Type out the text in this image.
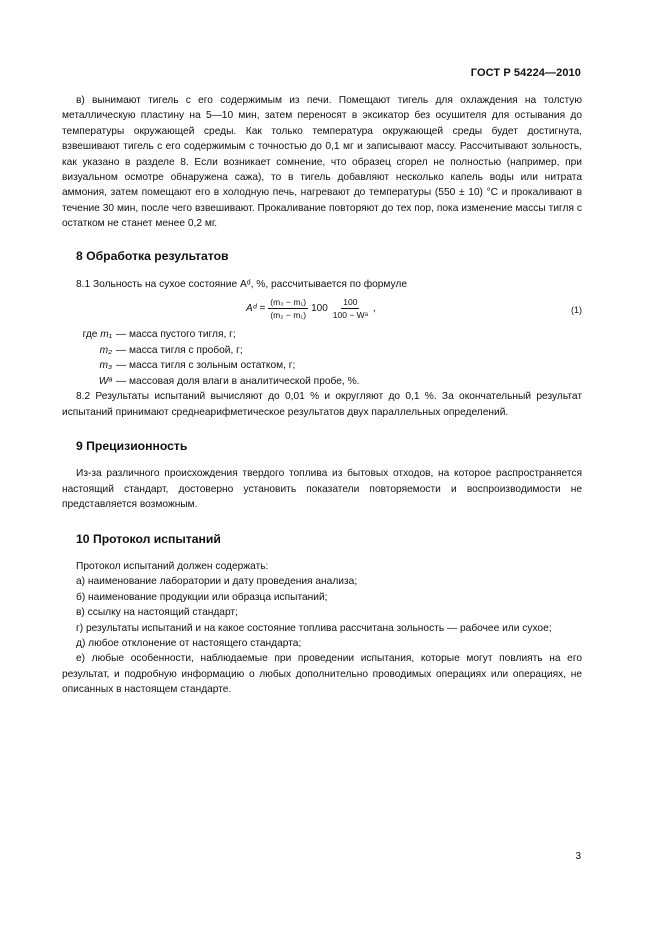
ГОСТ Р 54224—2010

в) вынимают тигель с его содержимым из печи. Помещают тигель для охлаждения на толстую металлическую пластину на 5—10 мин, затем переносят в эксикатор без осушителя для остывания до температуры окружающей среды. Как только температура окружающей среды будет достигнута, взвешивают тигель с его содержимым с точностью до 0,1 мг и записывают массу. Рассчитывают зольность, как указано в разделе 8. Если возникает сомнение, что образец сгорел не полностью (например, при визуальном осмотре обнаружена сажа), то в тигель добавляют несколько капель воды или нитрата аммония, затем помещают его в холодную печь, нагревают до температуры (550 ± 10) °C и прокаливают в течение 30 мин, после чего взвешивают. Прокаливание повторяют до тех пор, пока изменение массы тигля с остатком не станет менее 0,2 мг.

8 Обработка результатов

8.1 Зольность на сухое состояние Aᵈ, %, рассчитывается по формуле

Aᵈ = $\frac{\text{(m₃ − m₁)}}{\text{(m₂ − m₁)}} 100 \frac{100}{\text{100 − Wᵃ}}$ ,	(1)
где m₁ — масса пустого тигля, г;
m₂ — масса тигля с пробой, г;
m₃ — масса тигля с зольным остатком, г;
Wᵃ — массовая доля влаги в аналитической пробе, %.

8.2 Результаты испытаний вычисляют до 0,01 % и округляют до 0,1 %. За окончательный результат испытаний принимают среднеарифметическое результатов двух параллельных определений.

9 Прецизионность

Из-за различного происхождения твердого топлива из бытовых отходов, на которое распространяется настоящий стандарт, достоверно установить показатели повторяемости и воспроизводимости не представляется возможным.

10 Протокол испытаний

Протокол испытаний должен содержать:

а) наименование лаборатории и дату проведения анализа;

б) наименование продукции или образца испытаний;

в) ссылку на настоящий стандарт;

г) результаты испытаний и на какое состояние топлива рассчитана зольность — рабочее или сухое;

д) любое отклонение от настоящего стандарта;

е) любые особенности, наблюдаемые при проведении испытания, которые могут повлиять на его результат, и подробную информацию о любых дополнительно проводимых операциях или операциях, не описанных в настоящем стандарте.

3
